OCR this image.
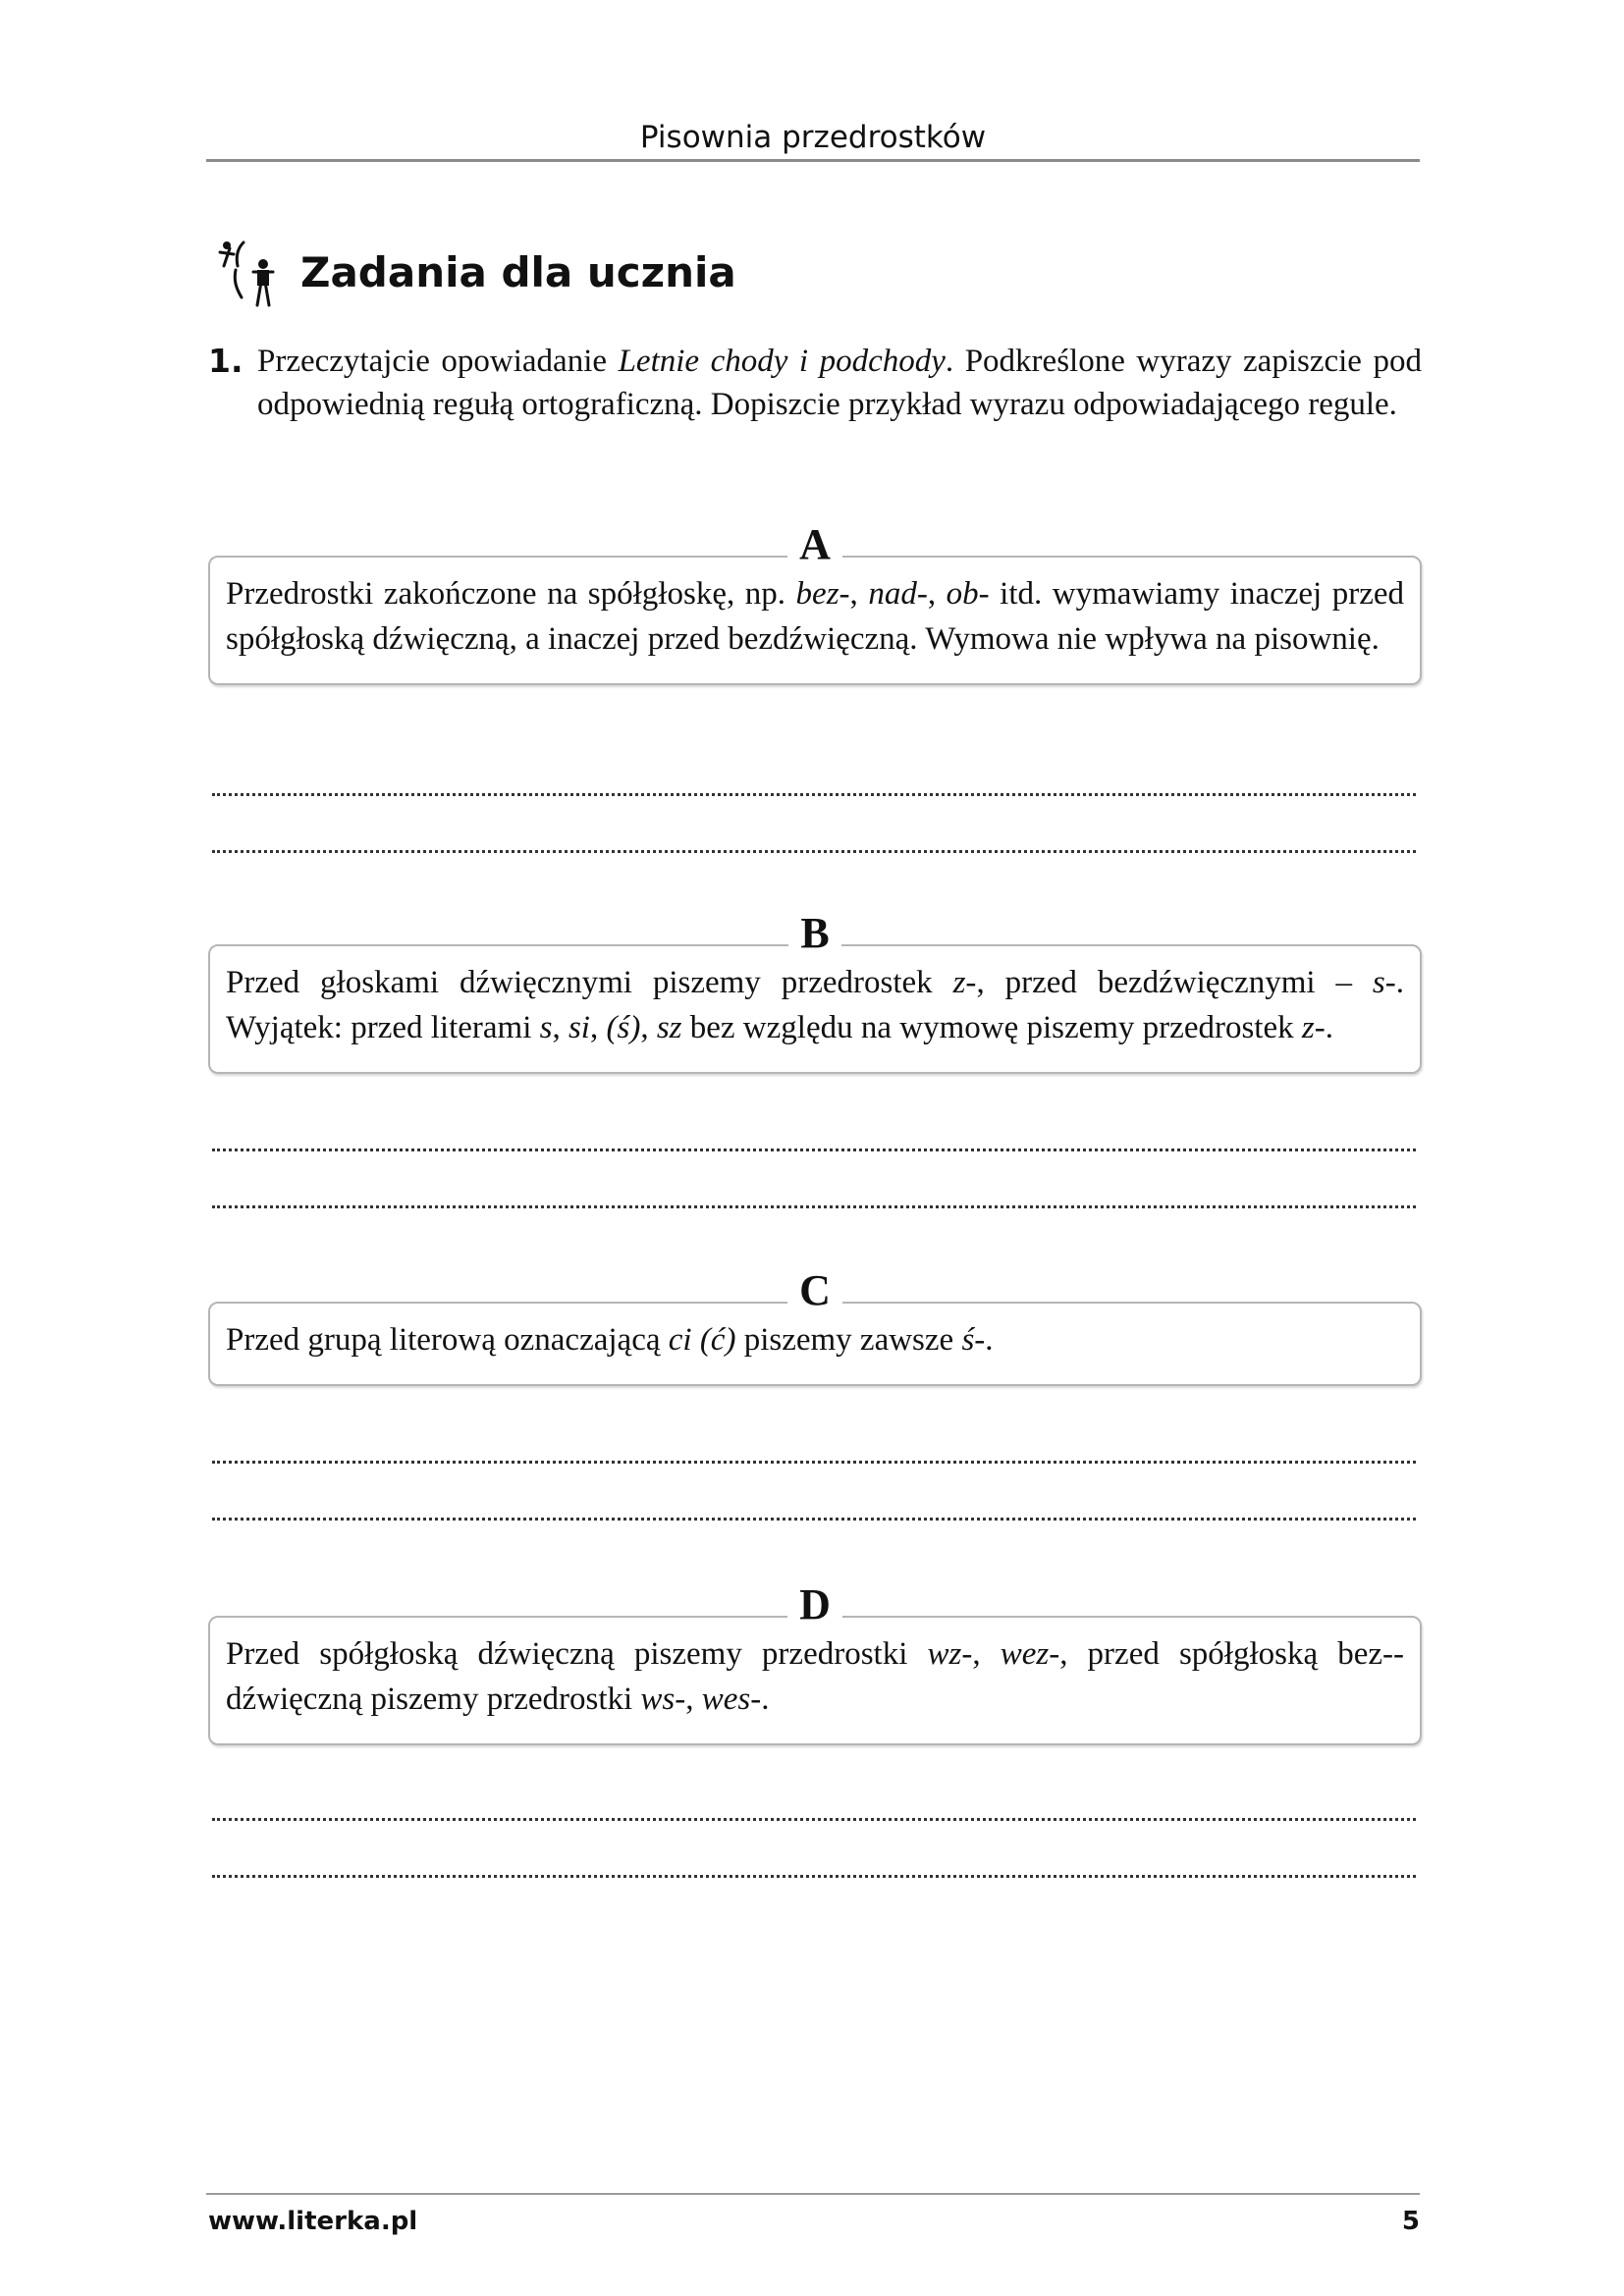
Pisownia przedrostków
Zadania dla ucznia
1. Przeczytajcie opowiadanie Letnie chody i podchody. Podkreślone wyrazy zapiszcie pod odpowiednią regułą ortograficzną. Dopiszcie przykład wyrazu odpowiadającego regule.
A
Przedrostki zakończone na spółgłoskę, np. bez-, nad-, ob- itd. wymawiamy inaczej przed spółgłoską dźwięczną, a inaczej przed bezdźwięczną. Wymowa nie wpływa na pisownię.
B
Przed głoskami dźwięcznymi piszemy przedrostek z-, przed bezdźwięcznymi – s-. Wyjątek: przed literami s, si, (ś), sz bez względu na wymowę piszemy przedrostek z-.
C
Przed grupą literową oznaczającą ci (ć) piszemy zawsze ś-.
D
Przed spółgłoską dźwięczną piszemy przedrostki wz-, wez-, przed spółgłoską bez-dźwięczną piszemy przedrostki ws-, wes-.
www.literka.pl	5
